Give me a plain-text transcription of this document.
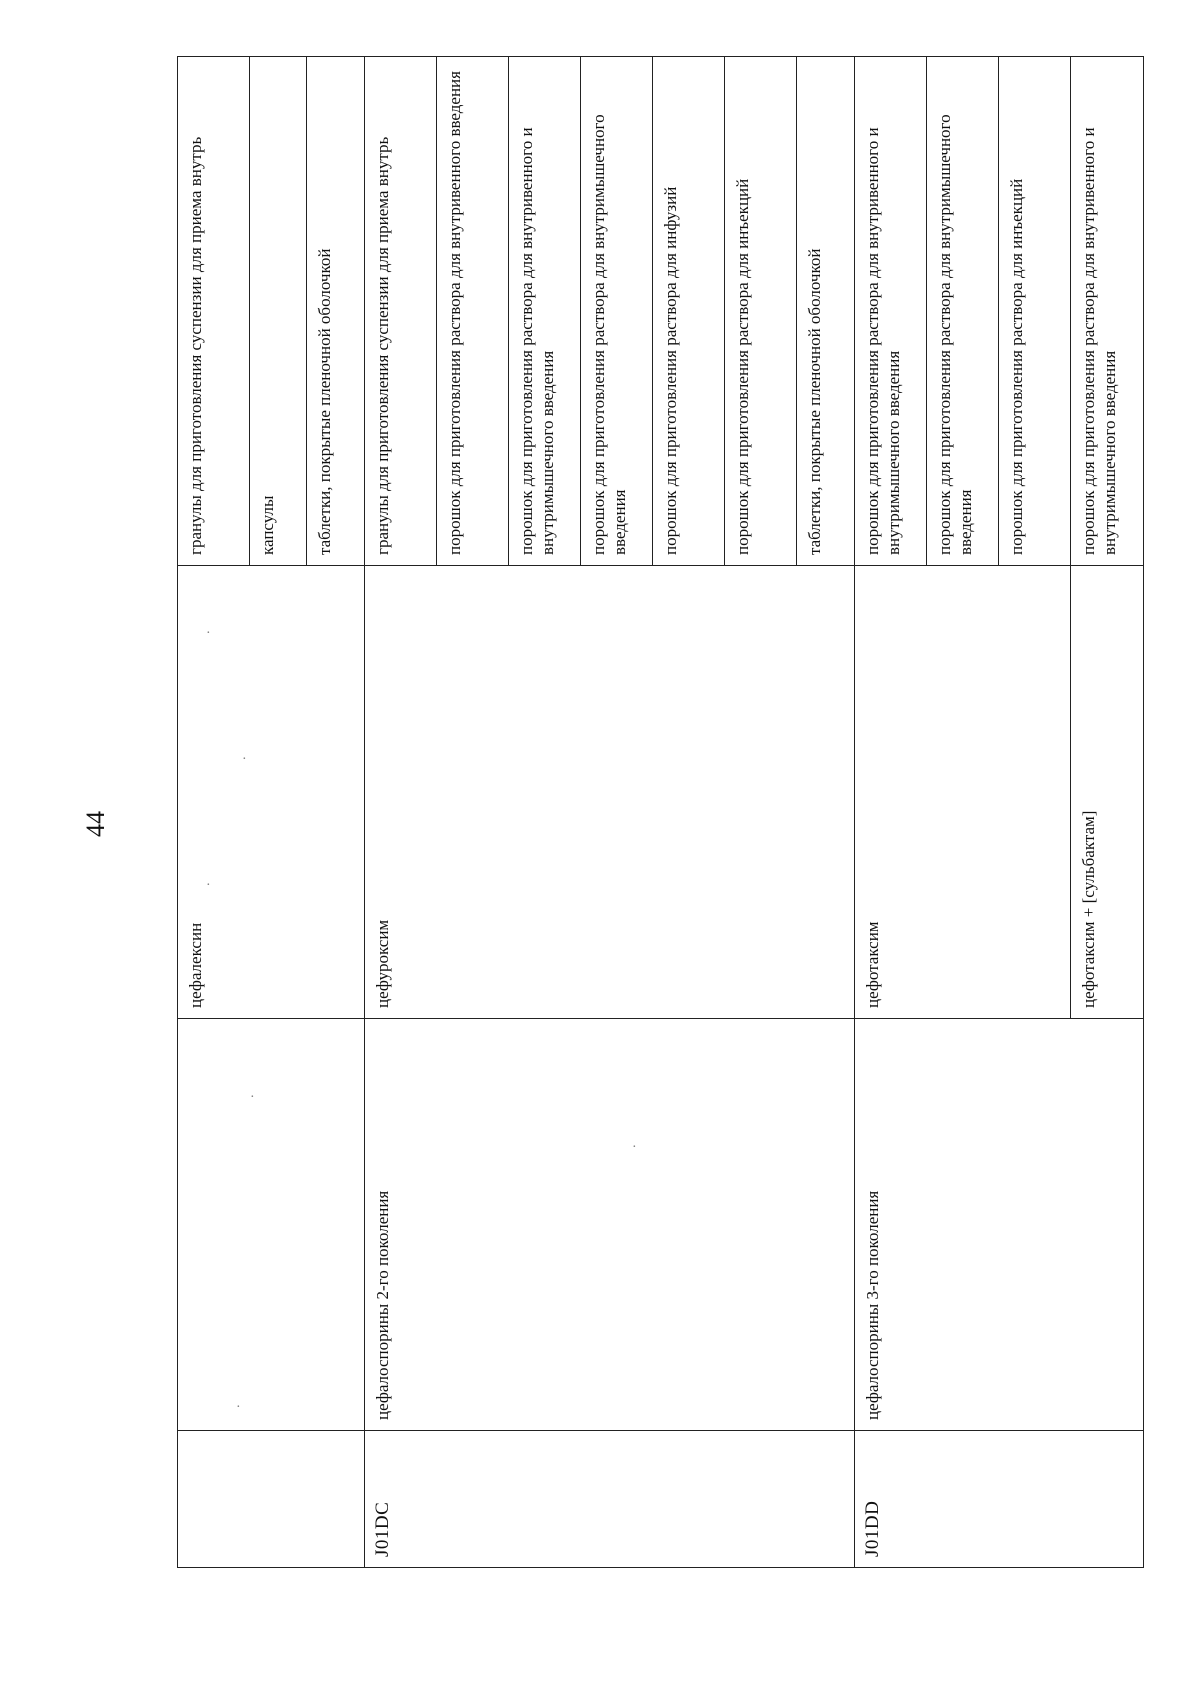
44
		цефалексин	гранулы для приготовления суспензии для приема внутрь
			капсулы
			таблетки, покрытые пленочной оболочкой
J01DC	цефалоспорины 2-го поколения	цефуроксим	гранулы для приготовления суспензии для приема внутрь
			порошок для приготовления раствора для внутривенного введения
			порошок для приготовления раствора для внутривенного и внутримышечного введения
			порошок для приготовления раствора для внутримышечного введения
			порошок для приготовления раствора для инфузий
			порошок для приготовления раствора для инъекций
			таблетки, покрытые пленочной оболочкой
J01DD	цефалоспорины 3-го поколения	цефотаксим	порошок для приготовления раствора для внутривенного и внутримышечного введения
			порошок для приготовления раствора для внутримышечного введения
			порошок для приготовления раствора для инъекций
		цефотаксим + [сульбактам]	порошок для приготовления раствора для внутривенного и внутримышечного введения
·
·
·
·
·
·
